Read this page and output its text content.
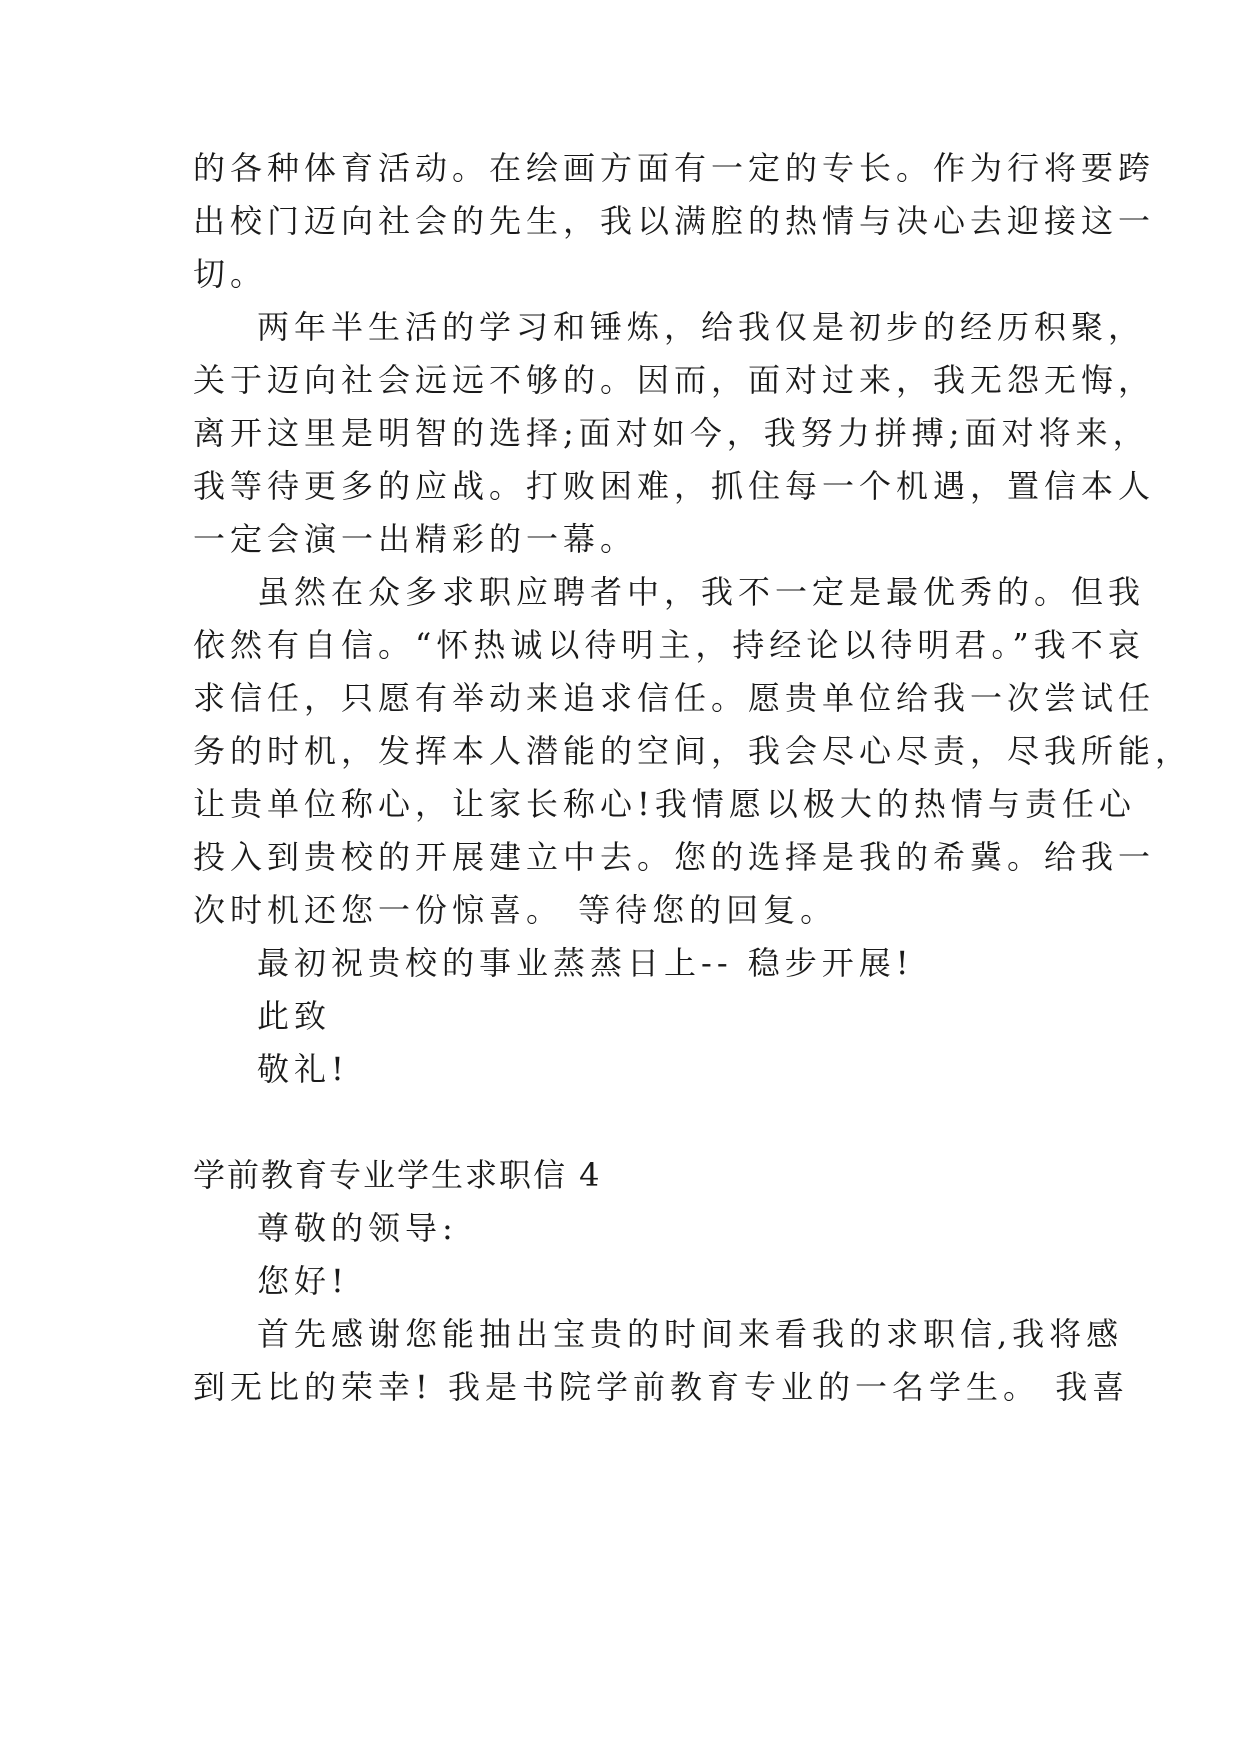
的各种体育活动。在绘画方面有一定的专长。作为行将要跨
出校门迈向社会的先生，我以满腔的热情与决心去迎接这一
切。
两年半生活的学习和锤炼，给我仅是初步的经历积聚，
关于迈向社会远远不够的。因而，面对过来，我无怨无悔，
离开这里是明智的选择;面对如今，我努力拼搏;面对将来，
我等待更多的应战。打败困难，抓住每一个机遇，置信本人
一定会演一出精彩的一幕。
虽然在众多求职应聘者中，我不一定是最优秀的。但我
依然有自信。“怀热诚以待明主，持经论以待明君。”我不哀
求信任，只愿有举动来追求信任。愿贵单位给我一次尝试任
务的时机，发挥本人潜能的空间，我会尽心尽责，尽我所能，
让贵单位称心，让家长称心!我情愿以极大的热情与责任心
投入到贵校的开展建立中去。您的选择是我的希冀。给我一
次时机还您一份惊喜。 等待您的回复。
最初祝贵校的事业蒸蒸日上-- 稳步开展!
此致
敬礼!
学前教育专业学生求职信 4
尊敬的领导:
您好!
首先感谢您能抽出宝贵的时间来看我的求职信,我将感
到无比的荣幸! 我是书院学前教育专业的一名学生。 我喜
